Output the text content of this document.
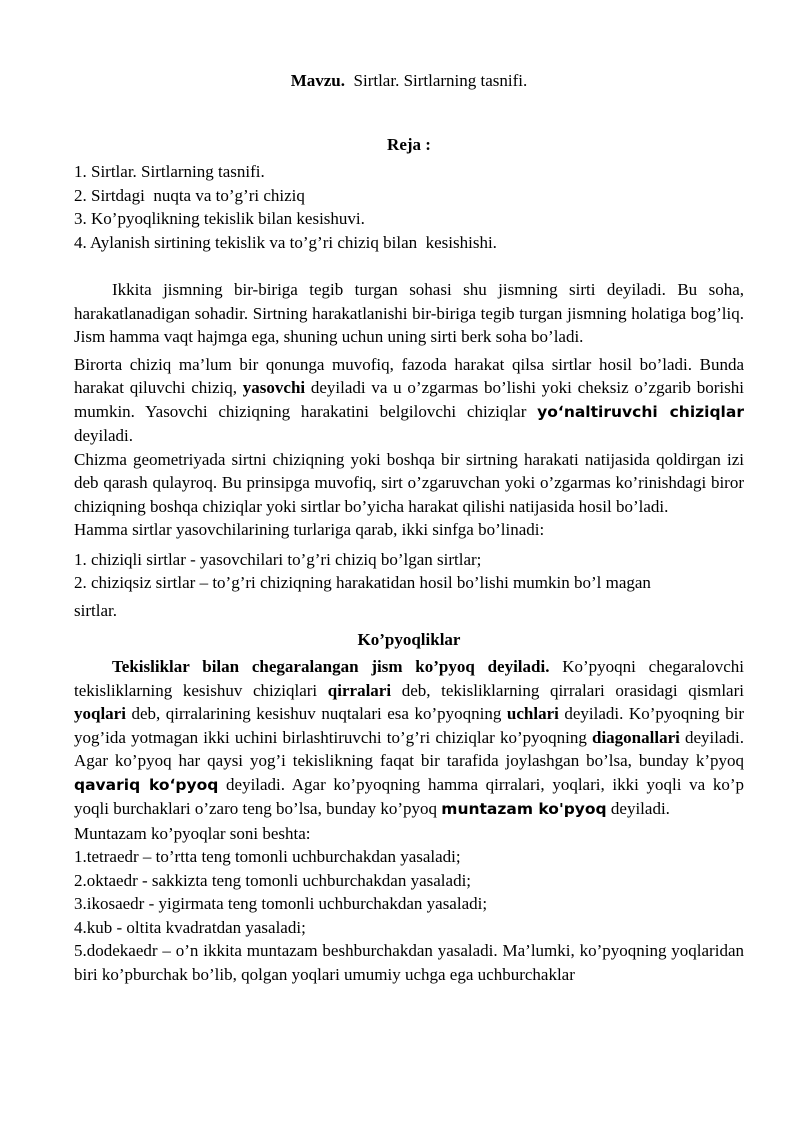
Mavzu. Sirtlar. Sirtlarning tasnifi.
Reja :
1. Sirtlar. Sirtlarning tasnifi.
2. Sirtdagi  nuqta va to’g’ri chiziq
3. Ko’pyoqlikning tekislik bilan kesishuvi.
4. Aylanish sirtining tekislik va to’g’ri chiziq bilan  kesishishi.
Ikkita jismning bir-biriga tegib turgan sohasi shu jismning sirti deyiladi. Bu soha, harakatlanadigan sohadir. Sirtning harakatlanishi bir-biriga tegib turgan jismning holatiga bog’liq. Jism hamma vaqt hajmga ega, shuning uchun uning sirti berk soha bo’ladi.
Birorta chiziq ma’lum bir qonunga muvofiq, fazoda harakat qilsa sirtlar hosil bo’ladi. Bunda harakat qiluvchi chiziq, yasovchi deyiladi va u o’zgarmas bo’lishi yoki cheksiz o’zgarib borishi mumkin. Yasovchi chiziqning harakatini belgilovchi chiziqlar yoʻnaltiruvchi chiziqlar deyiladi.
Chizma geometriyada sirtni chiziqning yoki boshqa bir sirtning harakati natijasida qoldirgan izi deb qarash qulayroq. Bu prinsipga muvofiq, sirt o’zgaruvchan yoki o’zgarmas ko’rinishdagi biror chiziqning boshqa chiziqlar yoki sirtlar bo’yicha harakat qilishi natijasida hosil bo’ladi.
Hamma sirtlar yasovchilarining turlariga qarab, ikki sinfga bo’linadi:
1. chiziqli sirtlar - yasovchilari to’g’ri chiziq bo’lgan sirtlar;
2. chiziqsiz sirtlar – to’g’ri chiziqning harakatidan hosil bo’lishi mumkin bo’l magan
sirtlar.
Ko’pyoqliklar
Tekisliklar bilan chegaralangan jism ko’pyoq deyiladi. Ko’pyoqni chegaralovchi tekisliklarning kesishuv chiziqlari qirralari deb, tekisliklarning qirralari orasidagi qismlari yoqlari deb, qirralarining kesishuv nuqtalari esa ko’pyoqning uchlari deyiladi. Ko’pyoqning bir yog’ida yotmagan ikki uchini birlashtiruvchi to’g’ri chiziqlar ko’pyoqning diagonallari deyiladi. Agar ko’pyoq har qaysi yog’i tekislikning faqat bir tarafida joylashgan bo’lsa, bunday k’pyoq qavariq koʻpyoq deyiladi. Agar ko’pyoqning hamma qirralari, yoqlari, ikki yoqli va ko’p yoqli burchaklari o’zaro teng bo’lsa, bunday ko’pyoq muntazam ko'pyoq deyiladi.
Muntazam ko’pyoqlar soni beshta:
1.tetraedr – to’rtta teng tomonli uchburchakdan yasaladi;
2.oktaedr - sakkizta teng tomonli uchburchakdan yasaladi;
3.ikosaedr - yigirmata teng tomonli uchburchakdan yasaladi;
4.kub - oltita kvadratdan yasaladi;
5.dodekaedr – o’n ikkita muntazam beshburchakdan yasaladi. Ma’lumki, ko’pyoqning yoqlaridan biri ko’pburchak bo’lib, qolgan yoqlari umumiy uchga ega uchburchaklar
